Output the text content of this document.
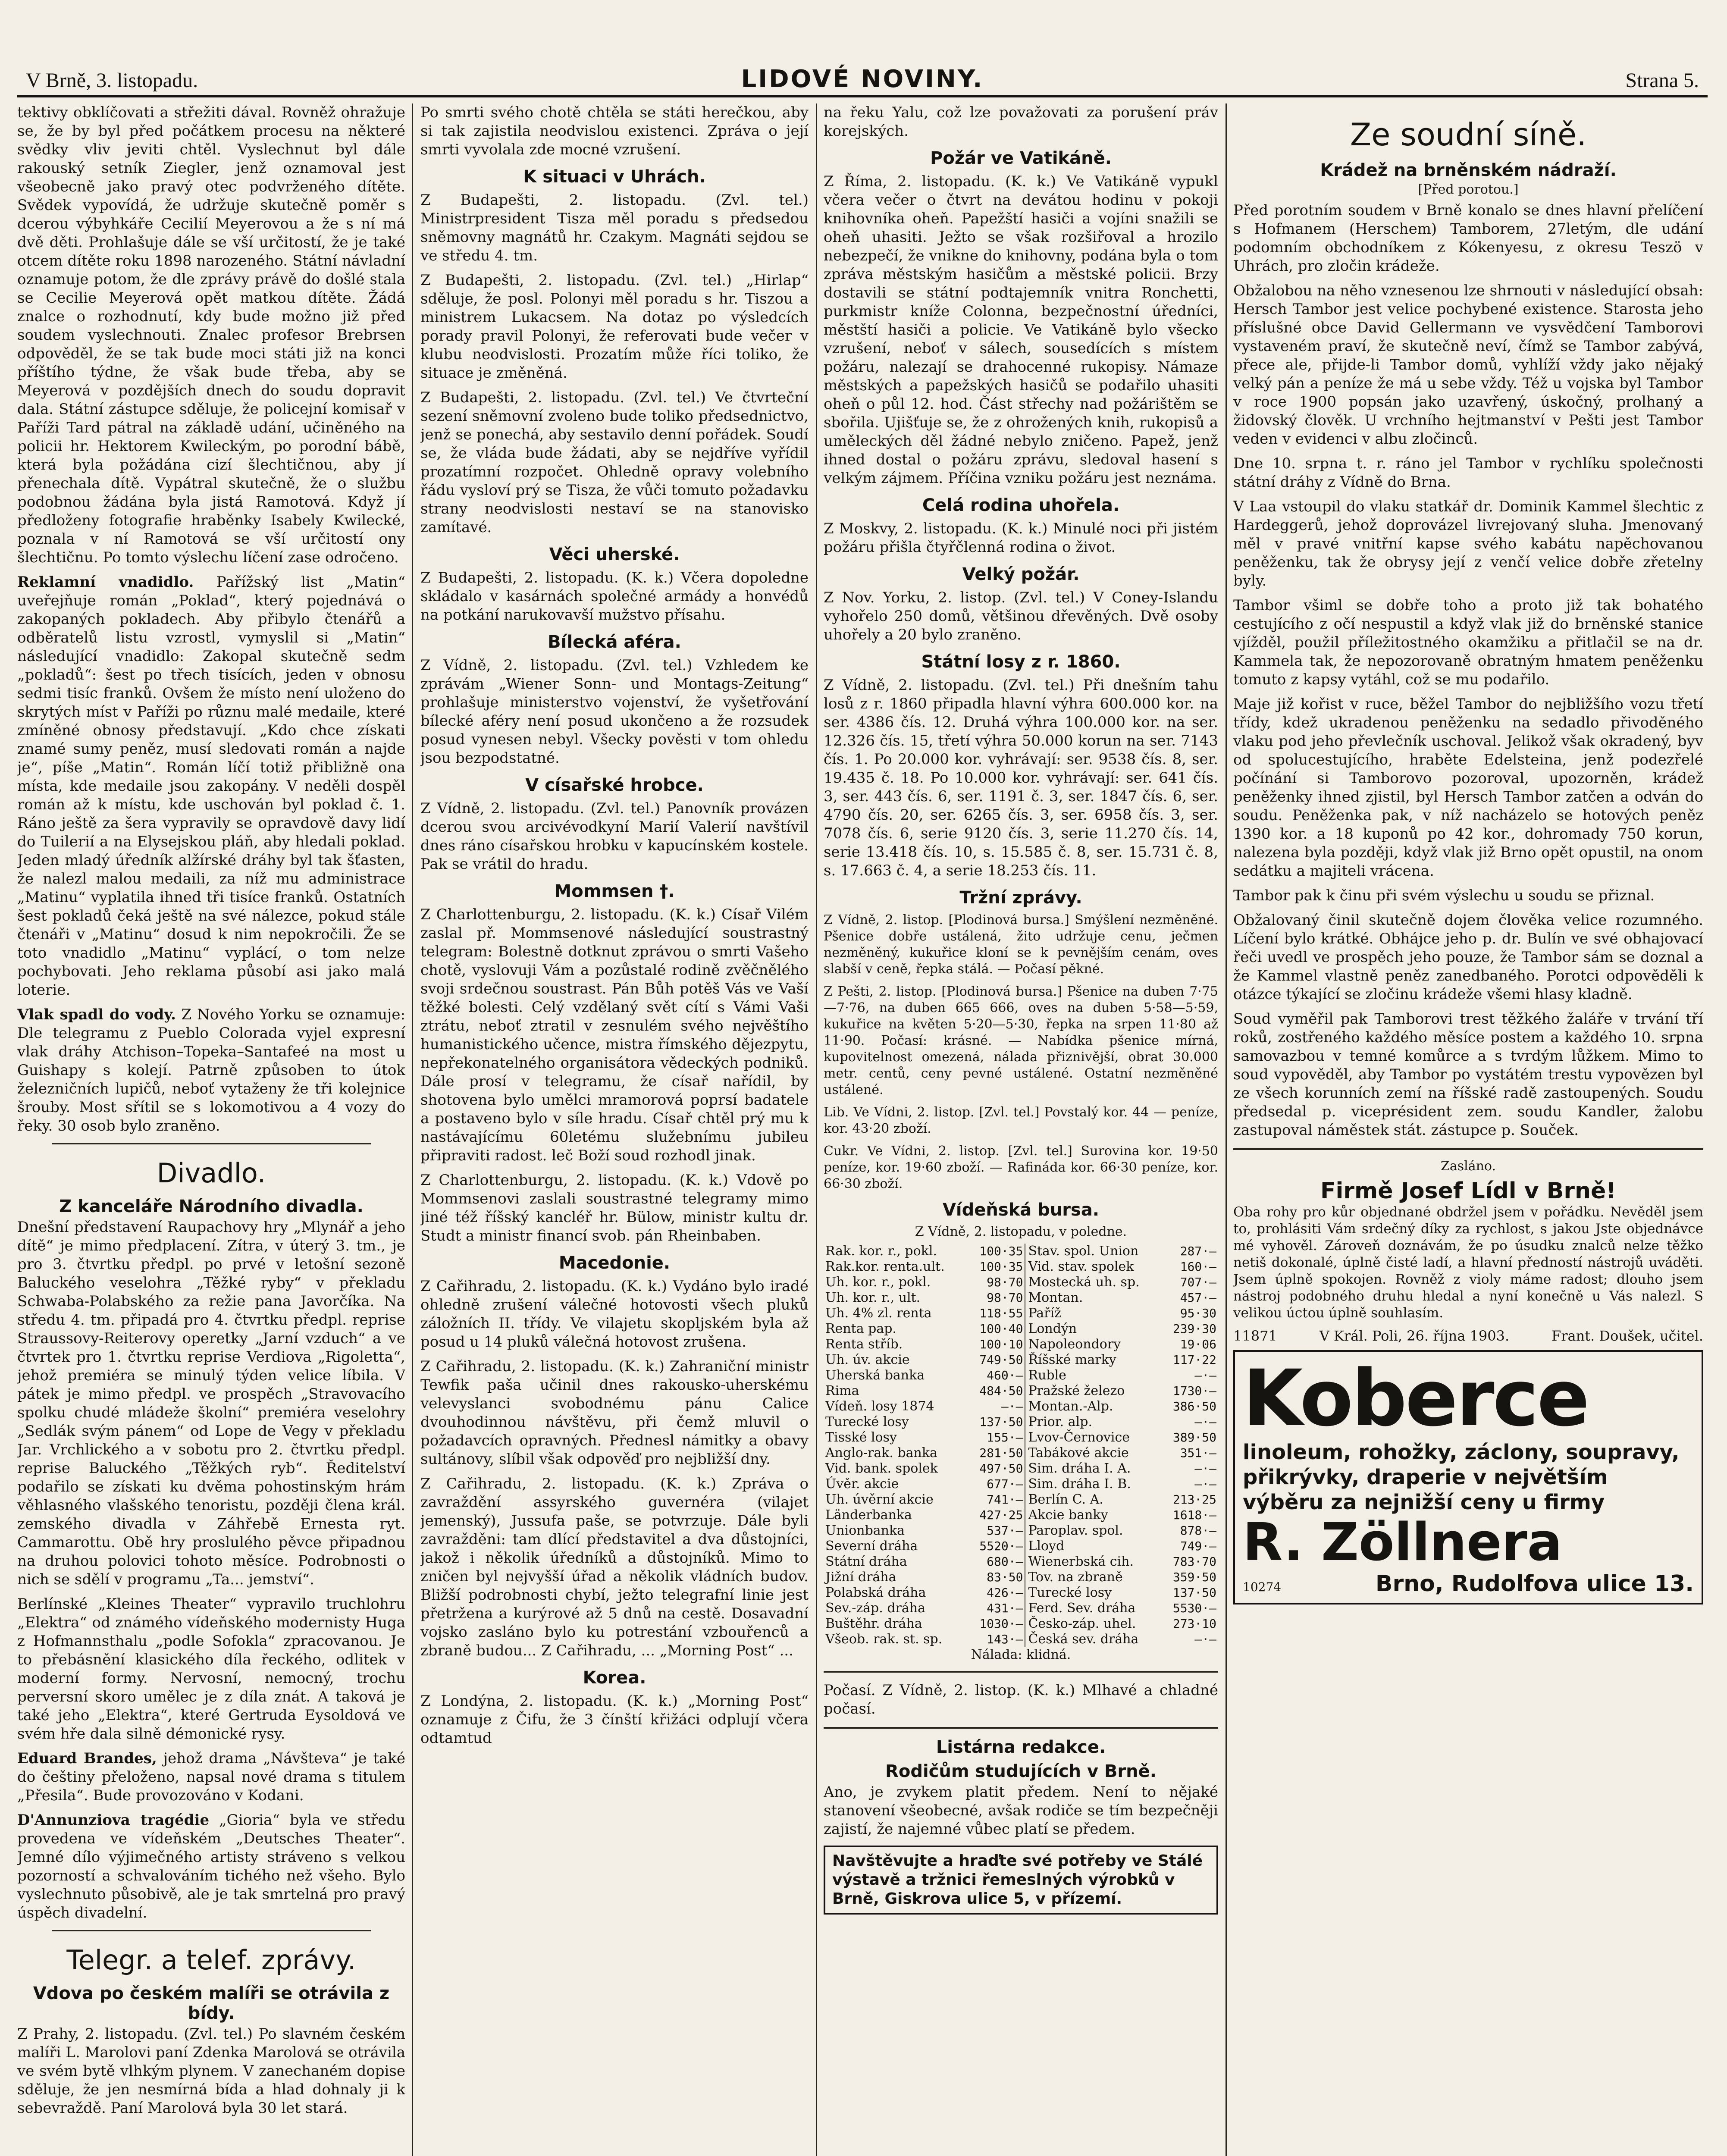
V Brně, 3. listopadu.	LIDOVÉ NOVINY.	Strana 5.

tektivy obklíčovati a střežiti dával. Rovněž ohražuje se, že by byl před počátkem procesu na některé svědky vliv jeviti chtěl. Vyslechnut byl dále rakouský setník Ziegler, jenž oznamoval jest všeobecně jako pravý otec podvrženého dítěte. Svědek vypovídá, že udržuje skutečně poměr s dcerou výbyhkáře Cecilií Meyerovou a že s ní má dvě děti. Prohlašuje dále se vší určitostí, že je také otcem dítěte roku 1898 narozeného. Státní návladní oznamuje potom, že dle zprávy právě do došlé stala se Cecilie Meyerová opět matkou dítěte. Žádá znalce o rozhodnutí, kdy bude možno již před soudem vyslechnouti. Znalec profesor Brebrsen odpověděl, že se tak bude moci státi již na konci příštího týdne, že však bude třeba, aby se Meyerová v pozdějších dnech do soudu dopravit dala. Státní zástupce sděluje, že policejní komisař v Paříži Tard pátral na základě udání, učiněného na policii hr. Hektorem Kwileckým, po porodní bábě, která byla požádána cizí šlechtičnou, aby jí přenechala dítě. Vypátral skutečně, že o službu podobnou žádána byla jistá Ramotová. Když jí předloženy fotografie hraběnky Isabely Kwilecké, poznala v ní Ramotová se vší určitostí ony šlechtičnu. Po tomto výslechu líčení zase odročeno.

Reklamní vnadidlo. Pařížský list „Matin“ uveřejňuje román „Poklad“, který pojednává o zakopaných pokladech. Aby přibylo čtenářů a odběratelů listu vzrostl, vymyslil si „Matin“ následující vnadidlo: Zakopal skutečně sedm „pokladů“: šest po třech tisících, jeden v obnosu sedmi tisíc franků. Ovšem že místo není uloženo do skrytých míst v Paříži po různu malé medaile, které zmíněné obnosy představují. „Kdo chce získati znamé sumy peněz, musí sledovati román a najde je“, píše „Matin“. Román líčí totiž přibližně ona místa, kde medaile jsou zakopány. V neděli dospěl román až k místu, kde uschován byl poklad č. 1. Ráno ještě za šera vypravily se opravdově davy lidí do Tuilerií a na Elysejskou pláň, aby hledali poklad. Jeden mladý úředník alžírské dráhy byl tak šťasten, že nalezl malou medaili, za níž mu administrace „Matinu“ vyplatila ihned tři tisíce franků. Ostatních šest pokladů čeká ještě na své nálezce, pokud stále čtenáři v „Matinu“ dosud k nim nepokročili. Že se toto vnadidlo „Matinu“ vyplácí, o tom nelze pochybovati. Jeho reklama působí asi jako malá loterie.

Vlak spadl do vody. Z Nového Yorku se oznamuje: Dle telegramu z Pueblo Colorada vyjel expresní vlak dráhy Atchison–Topeka–Santafeé na most u Guishapy s kolejí. Patrně způsoben to útok železničních lupičů, neboť vytaženy že tři kolejnice šrouby. Most sřítil se s lokomotivou a 4 vozy do řeky. 30 osob bylo zraněno.

Divadlo.
Z kanceláře Národního divadla.

Dnešní představení Raupachovy hry „Mlynář a jeho dítě“ je mimo předplacení. Zítra, v úterý 3. tm., je pro 3. čtvrtku předpl. po prvé v letošní sezoně Baluckého veselohra „Těžké ryby“ v překladu Schwaba-Polabského za režie pana Javorčíka. Na středu 4. tm. připadá pro 4. čtvrtku předpl. reprise Straussovy-Reiterovy operetky „Jarní vzduch“ a ve čtvrtek pro 1. čtvrtku reprise Verdiova „Rigoletta“, jehož premiéra se minulý týden velice líbila. V pátek je mimo předpl. ve prospěch „Stravovacího spolku chudé mládeže školní“ premiéra veselohry „Sedlák svým pánem“ od Lope de Vegy v překladu Jar. Vrchlického a v sobotu pro 2. čtvrtku předpl. reprise Baluckého „Těžkých ryb“. Ředitelství podařilo se získati ku dvěma pohostinským hrám věhlasného vlašského tenoristu, později člena král. zemského divadla v Záhřebě Ernesta ryt. Cammarottu. Obě hry proslulého pěvce připadnou na druhou polovici tohoto měsíce. Podrobnosti o nich se sdělí v programu „Ta... jemství“.

Berlínské „Kleines Theater“ vypravilo truchlohru „Elektra“ od známého vídeňského modernisty Huga z Hofmannsthalu „podle Sofokla“ zpracovanou. Je to přebásnění klasického díla řeckého, odlitek v moderní formy. Nervosní, nemocný, trochu perversní skoro umělec je z díla znát. A taková je také jeho „Elektra“, které Gertruda Eysoldová ve svém hře dala silně démonické rysy.

Eduard Brandes, jehož drama „Návšteva“ je také do češtiny přeloženo, napsal nové drama s titulem „Přesila“. Bude provozováno v Kodani.

D'Annunziova tragédie „Gioria“ byla ve středu provedena ve vídeňském „Deutsches Theater“. Jemné dílo výjimečného artisty stráveno s velkou pozorností a schvalováním tichého než všeho. Bylo vyslechnuto působivě, ale je tak smrtelná pro pravý úspěch divadelní.

Telegr. a telef. zprávy.
Vdova po českém malíři se otrávila z bídy.

Z Prahy, 2. listopadu. (Zvl. tel.) Po slavném českém malíři L. Marolovi paní Zdenka Marolová se otrávila ve svém bytě vlhkým plynem. V zanechaném dopise sděluje, že jen nesmírná bída a hlad dohnaly ji k sebevraždě. Paní Marolová byla 30 let stará.

Po smrti svého chotě chtěla se státi herečkou, aby si tak zajistila neodvislou existenci. Zpráva o její smrti vyvolala zde mocné vzrušení.

K situaci v Uhrách.

Z Budapešti, 2. listopadu. (Zvl. tel.) Ministrpresident Tisza měl poradu s předsedou sněmovny magnátů hr. Czakym. Magnáti sejdou se ve středu 4. tm.

Z Budapešti, 2. listopadu. (Zvl. tel.) „Hirlap“ sděluje, že posl. Polonyi měl poradu s hr. Tiszou a ministrem Lukacsem. Na dotaz po výsledcích porady pravil Polonyi, že referovati bude večer v klubu neodvislosti. Prozatím může říci toliko, že situace je změněná.

Z Budapešti, 2. listopadu. (Zvl. tel.) Ve čtvrteční sezení sněmovní zvoleno bude toliko předsednictvo, jenž se ponechá, aby sestavilo denní pořádek. Soudí se, že vláda bude žádati, aby se nejdříve vyřídil prozatímní rozpočet. Ohledně opravy volebního řádu vysloví prý se Tisza, že vůči tomuto požadavku strany neodvislosti nestaví se na stanovisko zamítavé.

Věci uherské.

Z Budapešti, 2. listopadu. (K. k.) Včera dopoledne skládalo v kasárnách společné armády a honvédů na potkání narukovavší mužstvo přísahu.

Bílecká aféra.

Z Vídně, 2. listopadu. (Zvl. tel.) Vzhledem ke zprávám „Wiener Sonn- und Montags-Zeitung“ prohlašuje ministerstvo vojenství, že vyšetřování bílecké aféry není posud ukončeno a že rozsudek posud vynesen nebyl. Všecky pověsti v tom ohledu jsou bezpodstatné.

V císařské hrobce.

Z Vídně, 2. listopadu. (Zvl. tel.) Panovník provázen dcerou svou arcivévodkyní Marií Valerií navštívil dnes ráno císařskou hrobku v kapucínském kostele. Pak se vrátil do hradu.

Mommsen †.

Z Charlottenburgu, 2. listopadu. (K. k.) Císař Vilém zaslal př. Mommsenové následující soustrastný telegram: Bolestně dotknut zprávou o smrti Vašeho chotě, vyslovuji Vám a pozůstalé rodině zvěčnělého svoji srdečnou soustrast. Pán Bůh potěš Vás ve Vaší těžké bolesti. Celý vzdělaný svět cítí s Vámi Vaši ztrátu, neboť ztratil v zesnulém svého nejvěštího humanistického učence, mistra římského dějezpytu, nepřekonatelného organisátora vědeckých podniků. Dále prosí v telegramu, že císař nařídil, by shotovena bylo umělci mramorová poprsí badatele a postaveno bylo v síle hradu. Císař chtěl prý mu k nastávajícímu 60letému služebnímu jubileu připraviti radost. leč Boží soud rozhodl jinak.

Z Charlottenburgu, 2. listopadu. (K. k.) Vdově po Mommsenovi zaslali soustrastné telegramy mimo jiné též říšský kancléř hr. Bülow, ministr kultu dr. Studt a ministr financí svob. pán Rheinbaben.

Macedonie.

Z Cařihradu, 2. listopadu. (K. k.) Vydáno bylo iradé ohledně zrušení válečné hotovosti všech pluků záložních II. třídy. Ve vilajetu skopljském byla až posud u 14 pluků válečná hotovost zrušena.

Z Cařihradu, 2. listopadu. (K. k.) Zahraniční ministr Tewfik paša učinil dnes rakousko-uherskému velevyslanci svobodnému pánu Calice dvouhodinnou návštěvu, při čemž mluvil o požadavcích opravných. Přednesl námitky a obavy sultánovy, slíbil však odpověď pro nejbližší dny.

Z Cařihradu, 2. listopadu. (K. k.) Zpráva o zavraždění assyrského guvernéra (vilajet jemenský), Jussufa paše, se potvrzuje. Dále byli zavražděni: tam dlící představitel a dva důstojníci, jakož i několik úředníků a důstojníků. Mimo to zničen byl nejvyšší úřad a několik vládních budov. Bližší podrobnosti chybí, ježto telegrafní linie jest přetržena a kurýrové až 5 dnů na cestě. Dosavadní vojsko zasláno bylo ku potrestání vzbouřenců a zbraně budou... Z Cařihradu, ... „Morning Post“ ...

Korea.

Z Londýna, 2. listopadu. (K. k.) „Morning Post“ oznamuje z Čifu, že 3 čínští křižáci odplují včera odtamtud

na řeku Yalu, což lze považovati za porušení práv korejských.

Požár ve Vatikáně.

Z Říma, 2. listopadu. (K. k.) Ve Vatikáně vypukl včera večer o čtvrt na devátou hodinu v pokoji knihovníka oheň. Papežští hasiči a vojíni snažili se oheň uhasiti. Ježto se však rozšiřoval a hrozilo nebezpečí, že vnikne do knihovny, podána byla o tom zpráva městským hasičům a městské policii. Brzy dostavili se státní podtajemník vnitra Ronchetti, purkmistr kníže Colonna, bezpečnostní úředníci, městští hasiči a policie. Ve Vatikáně bylo všecko vzrušení, neboť v sálech, sousedících s místem požáru, nalezají se drahocenné rukopisy. Námaze městských a papežských hasičů se podařilo uhasiti oheň o půl 12. hod. Část střechy nad požárištěm se sbořila. Ujišťuje se, že z ohrožených knih, rukopisů a uměleckých děl žádné nebylo zničeno. Papež, jenž ihned dostal o požáru zprávu, sledoval hasení s velkým zájmem. Příčina vzniku požáru jest neznáma.

Celá rodina uhořela.

Z Moskvy, 2. listopadu. (K. k.) Minulé noci při jistém požáru přišla čtyřčlenná rodina o život.

Velký požár.

Z Nov. Yorku, 2. listop. (Zvl. tel.) V Coney-Islandu vyhořelo 250 domů, většinou dřevěných. Dvě osoby uhořely a 20 bylo zraněno.

Státní losy z r. 1860.

Z Vídně, 2. listopadu. (Zvl. tel.) Při dnešním tahu losů z r. 1860 připadla hlavní výhra 600.000 kor. na ser. 4386 čís. 12. Druhá výhra 100.000 kor. na ser. 12.326 čís. 15, třetí výhra 50.000 korun na ser. 7143 čís. 1. Po 20.000 kor. vyhrávají: ser. 9538 čís. 8, ser. 19.435 č. 18. Po 10.000 kor. vyhrávají: ser. 641 čís. 3, ser. 443 čís. 6, ser. 1191 č. 3, ser. 1847 čís. 6, ser. 4790 čís. 20, ser. 6265 čís. 3, ser. 6958 čís. 3, ser. 7078 čís. 6, serie 9120 čís. 3, serie 11.270 čís. 14, serie 13.418 čís. 10, s. 15.585 č. 8, ser. 15.731 č. 8, s. 17.663 č. 4, a serie 18.253 čís. 11.

Tržní zprávy.

Z Vídně, 2. listop. [Plodinová bursa.] Smýšlení nezměněné. Pšenice dobře ustálená, žito udržuje cenu, ječmen nezměněný, kukuřice kloní se k pevnějším cenám, oves slabší v ceně, řepka stálá. — Počasí pěkné.

Z Pešti, 2. listop. [Plodinová bursa.] Pšenice na duben 7·75—7·76, na duben 665 666, oves na duben 5·58—5·59, kukuřice na květen 5·20—5·30, řepka na srpen 11·80 až 11·90. Počasí: krásné. — Nabídka pšenice mírná, kupovitelnost omezená, nálada přiznivější, obrat 30.000 metr. centů, ceny pevné ustálené. Ostatní nezměněné ustálené.

Lib. Ve Vídni, 2. listop. [Zvl. tel.] Povstalý kor. 44 — peníze, kor. 43·20 zboží.

Cukr. Ve Vídni, 2. listop. [Zvl. tel.] Surovina kor. 19·50 peníze, kor. 19·60 zboží. — Rafináda kor. 66·30 peníze, kor. 66·30 zboží.

Vídeňská bursa.
Z Vídně, 2. listopadu, v poledne.
Rak. kor. r., pokl.	100·35		Stav. spol. Union	287·—
Rak.kor. renta.ult.	100·35		Vid. stav. spolek	160·—
Uh. kor. r., pokl.	98·70		Mostecká uh. sp.	707·—
Uh. kor. r., ult.	98·70		Montan.	457·—
Uh. 4% zl. renta	118·55		Paříž	95·30
Renta pap.	100·40		Londýn	239·30
Renta stříb.	100·10		Napoleondory	19·06
Uh. úv. akcie	749·50		Říšské marky	117·22
Uherská banka	460·—		Ruble	—·—
Rima	484·50		Pražské železo	1730·—
Vídeň. losy 1874	—·—		Montan.-Alp.	386·50
Turecké losy	137·50		Prior. alp.	—·—
Tisské losy	155·—		Lvov-Černovice	389·50
Anglo-rak. banka	281·50		Tabákové akcie	351·—
Vid. bank. spolek	497·50		Sim. dráha I. A.	—·—
Úvěr. akcie	677·—		Sim. dráha I. B.	—·—
Uh. úvěrní akcie	741·—		Berlín C. A.	213·25
Länderbanka	427·25		Akcie banky	1618·—
Unionbanka	537·—		Paroplav. spol.	878·—
Severní dráha	5520·—		Lloyd	749·—
Státní dráha	680·—		Wienerbská cih.	783·70
Jižní dráha	83·50		Tov. na zbraně	359·50
Polabská dráha	426·—		Turecké losy	137·50
Sev.-záp. dráha	431·—		Ferd. Sev. dráha	5530·—
Buštěhr. dráha	1030·—		Česko-záp. uhel.	273·10
Všeob. rak. st. sp.	143·—		Česká sev. dráha	—·—
Nálada: klidná.

Počasí. Z Vídně, 2. listop. (K. k.) Mlhavé a chladné počasí.

Listárna redakce.
Rodičům studujících v Brně.

Ano, je zvykem platit předem. Není to nějaké stanovení všeobecné, avšak rodiče se tím bezpečněji zajistí, že najemné vůbec platí se předem.

Navštěvujte a hraďte své potřeby ve Stálé výstavě a tržnici řemeslných výrobků v Brně, Giskrova ulice 5, v přízemí.
Ze soudní síně.
Krádež na brněnském nádraží.
[Před porotou.]

Před porotním soudem v Brně konalo se dnes hlavní přelíčení s Hofmanem (Herschem) Tamborem, 27letým, dle udání podomním obchodníkem z Kókenyesu, z okresu Teszö v Uhrách, pro zločin krádeže.

Obžalobou na něho vznesenou lze shrnouti v následující obsah: Hersch Tambor jest velice pochybené existence. Starosta jeho příslušné obce David Gellermann ve vysvědčení Tamborovi vystaveném praví, že skutečně neví, čímž se Tambor zabývá, přece ale, přijde-li Tambor domů, vyhlíží vždy jako nějaký velký pán a peníze že má u sebe vždy. Též u vojska byl Tambor v roce 1900 popsán jako uzavřený, úskočný, prolhaný a židovský člověk. U vrchního hejtmanství v Pešti jest Tambor veden v evidenci v albu zločinců.

Dne 10. srpna t. r. ráno jel Tambor v rychlíku společnosti státní dráhy z Vídně do Brna.

V Laa vstoupil do vlaku statkář dr. Dominik Kammel šlechtic z Hardeggerů, jehož doprovázel livrejovaný sluha. Jmenovaný měl v pravé vnitřní kapse svého kabátu napěchovanou peněženku, tak že obrysy její z venčí velice dobře zřetelny byly.

Tambor všiml se dobře toho a proto již tak bohatého cestujícího z očí nespustil a když vlak již do brněnské stanice vjížděl, použil příležitostného okamžiku a přitlačil se na dr. Kammela tak, že nepozorovaně obratným hmatem peněženku tomuto z kapsy vytáhl, což se mu podařilo.

Maje již kořist v ruce, běžel Tambor do nejbližšího vozu třetí třídy, kdež ukradenou peněženku na sedadlo přivoděného vlaku pod jeho převlečník uschoval. Jelikož však okradený, byv od spolucestujícího, hraběte Edelsteina, jenž podezřelé počínání si Tamborovo pozoroval, upozorněn, krádež peněženky ihned zjistil, byl Hersch Tambor zatčen a odván do soudu. Peněženka pak, v níž nacházelo se hotových peněz 1390 kor. a 18 kuponů po 42 kor., dohromady 750 korun, nalezena byla později, když vlak již Brno opět opustil, na onom sedátku a majiteli vrácena.

Tambor pak k činu při svém výslechu u soudu se přiznal.

Obžalovaný činil skutečně dojem člověka velice rozumného. Líčení bylo krátké. Obhájce jeho p. dr. Bulín ve své obhajovací řeči uvedl ve prospěch jeho pouze, že Tambor sám se doznal a že Kammel vlastně peněz zanedbaného. Porotci odpověděli k otázce týkající se zločinu krádeže všemi hlasy kladně.

Soud vyměřil pak Tamborovi trest těžkého žaláře v trvání tří roků, zostřeného každého měsíce postem a každého 10. srpna samovazbou v temné komůrce a s tvrdým lůžkem. Mimo to soud vypověděl, aby Tambor po vystátém trestu vypovězen byl ze všech korunních zemí na říšské radě zastoupených. Soudu předsedal p. viceprésident zem. soudu Kandler, žalobu zastupoval náměstek stát. zástupce p. Souček.

Zasláno.
Firmě Josef Lídl v Brně!

Oba rohy pro kůr objednané obdržel jsem v pořádku. Nevěděl jsem to, prohlásiti Vám srdečný díky za rychlost, s jakou Jste objednávce mé vyhověl. Zároveň doznávám, že po úsudku znalců nelze těžko netiš dokonalé, úplně čisté ladí, a hlavní předností nástrojů uváděti. Jsem úplně spokojen. Rovněž z violy máme radost; dlouho jsem nástroj podobného druhu hledal a nyní konečně u Vás nalezl. S velikou úctou úplně souhlasím.

11871	V Král. Poli, 26. října 1903.	Frant. Doušek, učitel.
Koberce
linoleum, rohožky, záclony, soupravy, přikrývky, draperie v největším výběru za nejnižší ceny u firmy
R. Zöllnera
10274	Brno, Rudolfova ulice 13.
